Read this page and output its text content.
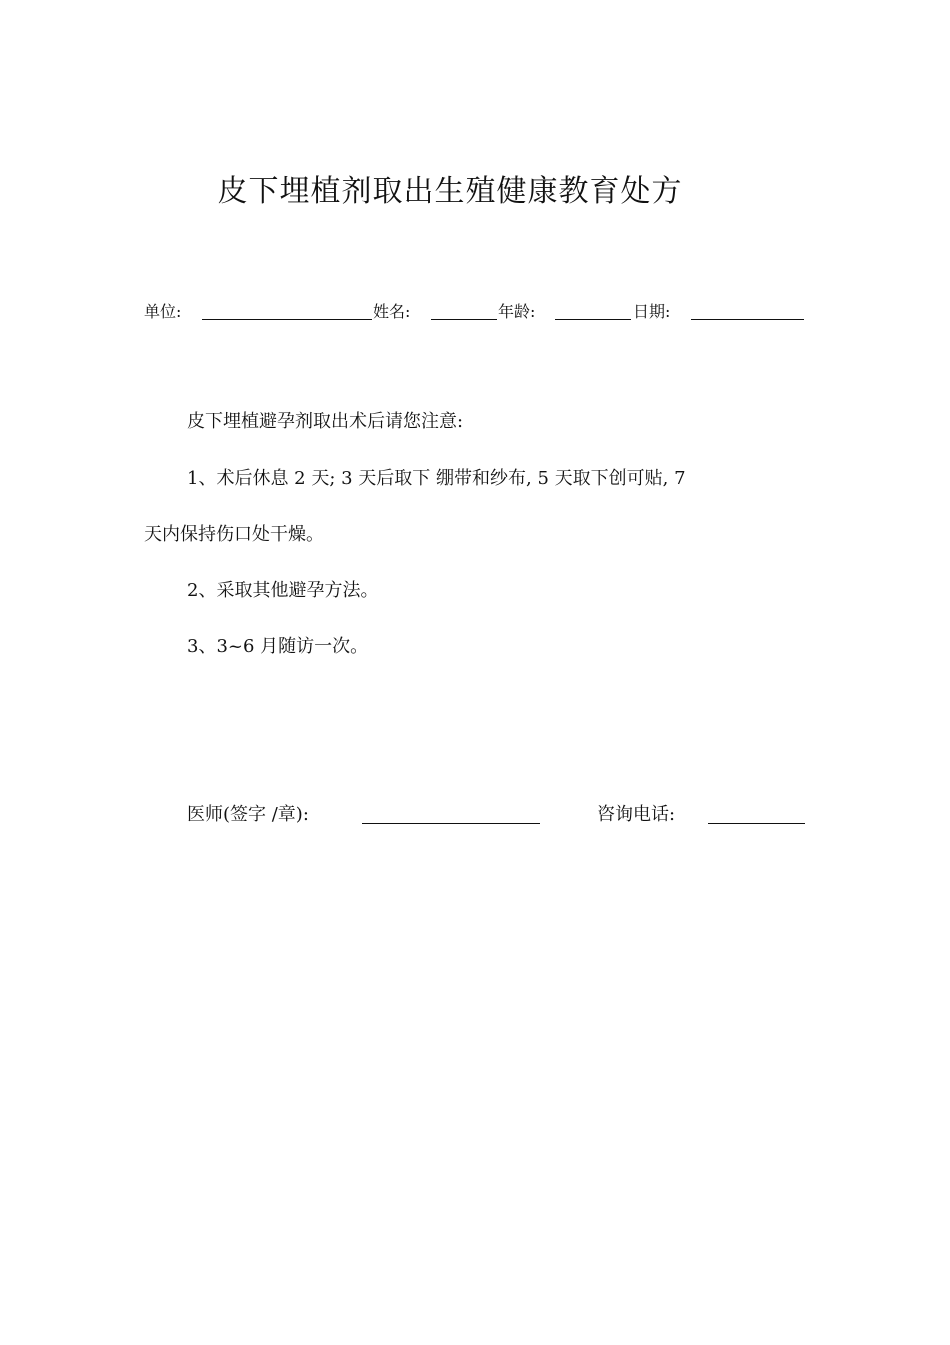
皮下埋植剂取出生殖健康教育处方
单位:	姓名:	年龄:	日期:
皮下埋植避孕剂取出术后请您注意:
1、术后休息 2 天; 3 天后取下 绷带和纱布, 5 天取下创可贴, 7
天内保持伤口处干燥。
2、采取其他避孕方法。
3、3~6 月随访一次。
医师(签字 /章):	咨询电话:
